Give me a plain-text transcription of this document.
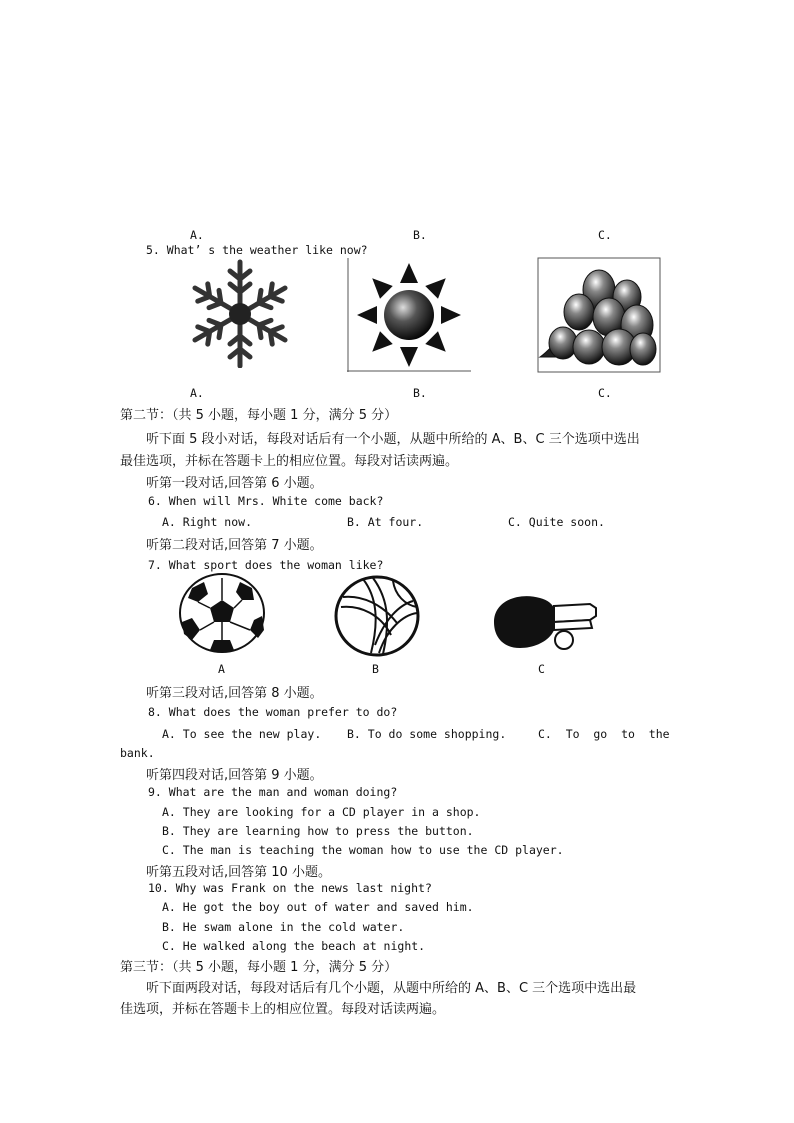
A.	B.	C.
5. What’ s the weather like now?
A.	B.	C.
第二节：（共 5 小题，每小题 1 分，满分 5 分）
听下面 5 段小对话，每段对话后有一个小题，从题中所给的 A、B、C 三个选项中选出
最佳选项，并标在答题卡上的相应位置。每段对话读两遍。
听第一段对话,回答第 6 小题。
6. When will Mrs. White come back?
A. Right now.	B. At four.	C. Quite soon.
听第二段对话,回答第 7 小题。
7. What sport does the woman like?
A	B	C
听第三段对话,回答第 8 小题。
8. What does the woman prefer to do?
A. To see the new play. B. To do some shopping.	C.  To  go  to  the
bank.
听第四段对话,回答第 9 小题。
9. What are the man and woman doing?
A. They are looking for a CD player in a shop.
B. They are learning how to press the button.
C. The man is teaching the woman how to use the CD player.
听第五段对话,回答第 10 小题。
10. Why was Frank on the news last night?
A. He got the boy out of water and saved him.
B. He swam alone in the cold water.
C. He walked along the beach at night.
第三节：（共 5 小题，每小题 1 分，满分 5 分）
听下面两段对话，每段对话后有几个小题，从题中所给的 A、B、C 三个选项中选出最
佳选项，并标在答题卡上的相应位置。每段对话读两遍。
